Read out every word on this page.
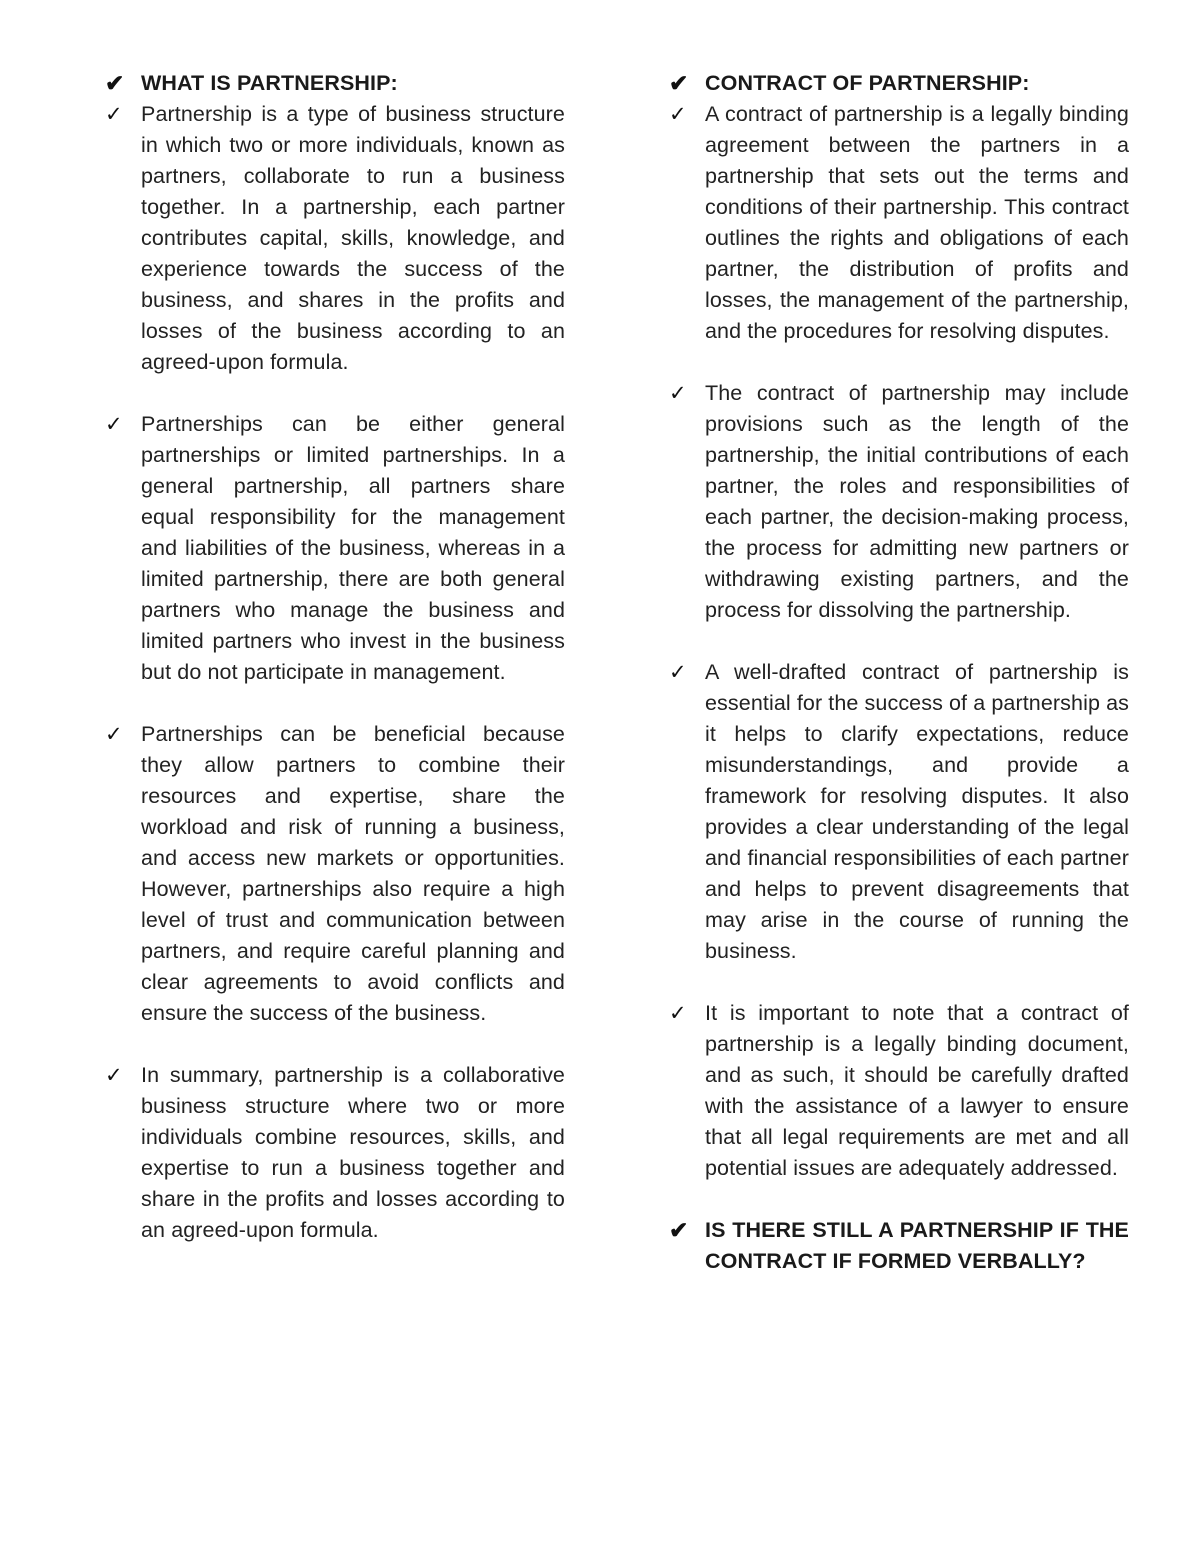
✔ WHAT IS PARTNERSHIP:
✓ Partnership is a type of business structure in which two or more individuals, known as partners, collaborate to run a business together. In a partnership, each partner contributes capital, skills, knowledge, and experience towards the success of the business, and shares in the profits and losses of the business according to an agreed-upon formula.
✓ Partnerships can be either general partnerships or limited partnerships. In a general partnership, all partners share equal responsibility for the management and liabilities of the business, whereas in a limited partnership, there are both general partners who manage the business and limited partners who invest in the business but do not participate in management.
✓ Partnerships can be beneficial because they allow partners to combine their resources and expertise, share the workload and risk of running a business, and access new markets or opportunities. However, partnerships also require a high level of trust and communication between partners, and require careful planning and clear agreements to avoid conflicts and ensure the success of the business.
✓ In summary, partnership is a collaborative business structure where two or more individuals combine resources, skills, and expertise to run a business together and share in the profits and losses according to an agreed-upon formula.
✔ CONTRACT OF PARTNERSHIP:
✓ A contract of partnership is a legally binding agreement between the partners in a partnership that sets out the terms and conditions of their partnership. This contract outlines the rights and obligations of each partner, the distribution of profits and losses, the management of the partnership, and the procedures for resolving disputes.
✓ The contract of partnership may include provisions such as the length of the partnership, the initial contributions of each partner, the roles and responsibilities of each partner, the decision-making process, the process for admitting new partners or withdrawing existing partners, and the process for dissolving the partnership.
✓ A well-drafted contract of partnership is essential for the success of a partnership as it helps to clarify expectations, reduce misunderstandings, and provide a framework for resolving disputes. It also provides a clear understanding of the legal and financial responsibilities of each partner and helps to prevent disagreements that may arise in the course of running the business.
✓ It is important to note that a contract of partnership is a legally binding document, and as such, it should be carefully drafted with the assistance of a lawyer to ensure that all legal requirements are met and all potential issues are adequately addressed.
✔ IS THERE STILL A PARTNERSHIP IF THE CONTRACT IF FORMED VERBALLY?
